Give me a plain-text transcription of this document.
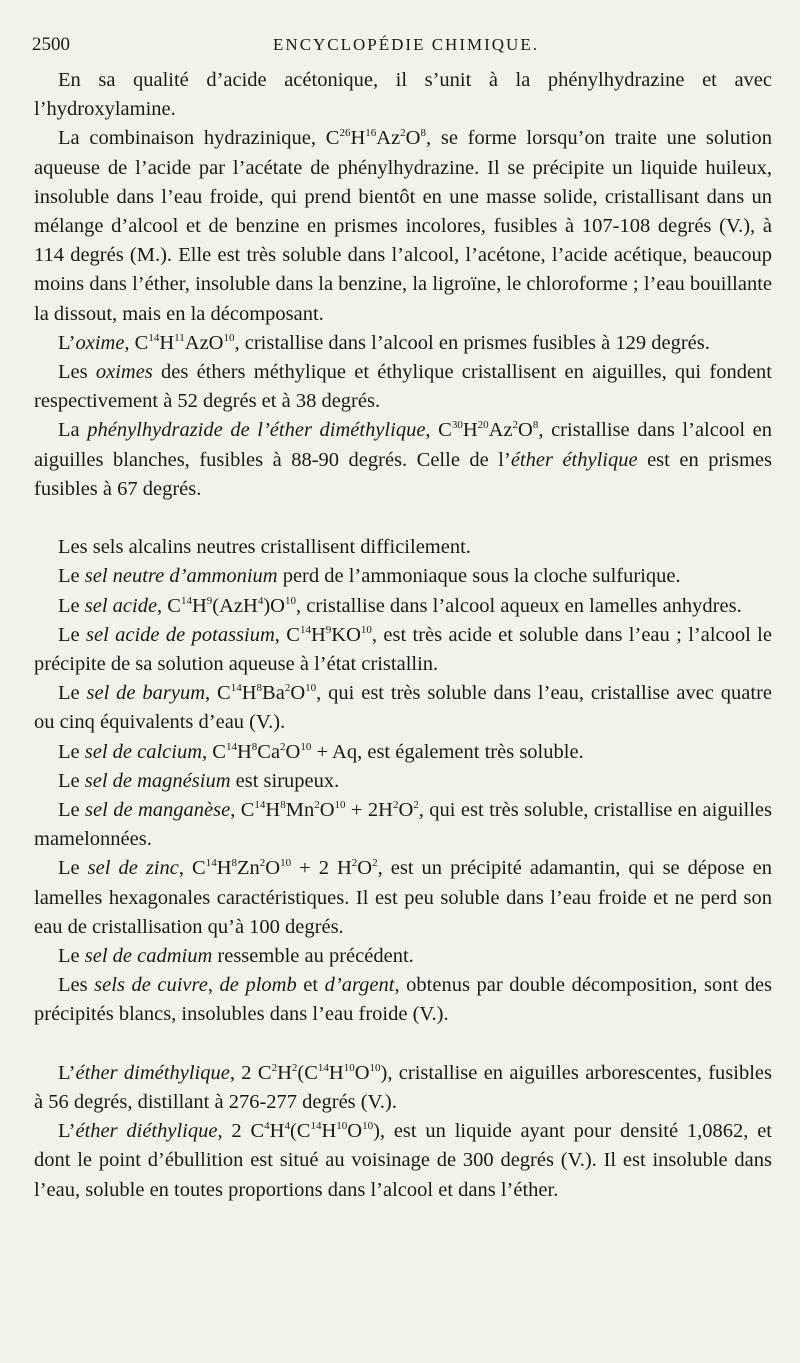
2500	ENCYCLOPÉDIE CHIMIQUE.

En sa qualité d’acide acétonique, il s’unit à la phénylhydrazine et avec l’hydroxylamine.

La combinaison hydrazinique, $C^{26}H^{16}Az^2O^8$, se forme lorsqu’on traite une solution aqueuse de l’acide par l’acétate de phénylhydrazine. Il se précipite un liquide huileux, insoluble dans l’eau froide, qui prend bientôt en une masse solide, cristallisant dans un mélange d’alcool et de benzine en prismes incolores, fusibles à 107-108 degrés (V.), à 114 degrés (M.). Elle est très soluble dans l’alcool, l’acétone, l’acide acétique, beaucoup moins dans l’éther, insoluble dans la benzine, la ligroïne, le chloroforme ; l’eau bouillante la dissout, mais en la décomposant.

L’oxime, $C^{14}H^{11}AzO^{10}$, cristallise dans l’alcool en prismes fusibles à 129 degrés.

Les oximes des éthers méthylique et éthylique cristallisent en aiguilles, qui fondent respectivement à 52 degrés et à 38 degrés.

La phénylhydrazide de l’éther diméthylique, $C^{30}H^{20}Az^2O^8$, cristallise dans l’alcool en aiguilles blanches, fusibles à 88-90 degrés. Celle de l’éther éthylique est en prismes fusibles à 67 degrés.

Les sels alcalins neutres cristallisent difficilement.

Le sel neutre d’ammonium perd de l’ammoniaque sous la cloche sulfurique.

Le sel acide, $C^{14}H^9(AzH^4)O^{10}$, cristallise dans l’alcool aqueux en lamelles anhydres.

Le sel acide de potassium, $C^{14}H^9KO^{10}$, est très acide et soluble dans l’eau ; l’alcool le précipite de sa solution aqueuse à l’état cristallin.

Le sel de baryum, $C^{14}H^8Ba^2O^{10}$, qui est très soluble dans l’eau, cristallise avec quatre ou cinq équivalents d’eau (V.).

Le sel de calcium, $C^{14}H^8Ca^2O^{10} + Aq$, est également très soluble.

Le sel de magnésium est sirupeux.

Le sel de manganèse, $C^{14}H^8Mn^2O^{10} + 2H^2O^2$, qui est très soluble, cristallise en aiguilles mamelonnées.

Le sel de zinc, $C^{14}H^8Zn^2O^{10} + 2$ $H^2O^2$, est un précipité adamantin, qui se dépose en lamelles hexagonales caractéristiques. Il est peu soluble dans l’eau froide et ne perd son eau de cristallisation qu’à 100 degrés.

Le sel de cadmium ressemble au précédent.

Les sels de cuivre, de plomb et d’argent, obtenus par double décomposition, sont des précipités blancs, insolubles dans l’eau froide (V.).

L’éther diméthylique, 2 $C^2H^2(C^{14}H^{10}O^{10})$, cristallise en aiguilles arborescentes, fusibles à 56 degrés, distillant à 276-277 degrés (V.).

L’éther diéthylique, 2 $C^4H^4(C^{14}H^{10}O^{10})$, est un liquide ayant pour densité 1,0862, et dont le point d’ébullition est situé au voisinage de 300 degrés (V.). Il est insoluble dans l’eau, soluble en toutes proportions dans l’alcool et dans l’éther.
